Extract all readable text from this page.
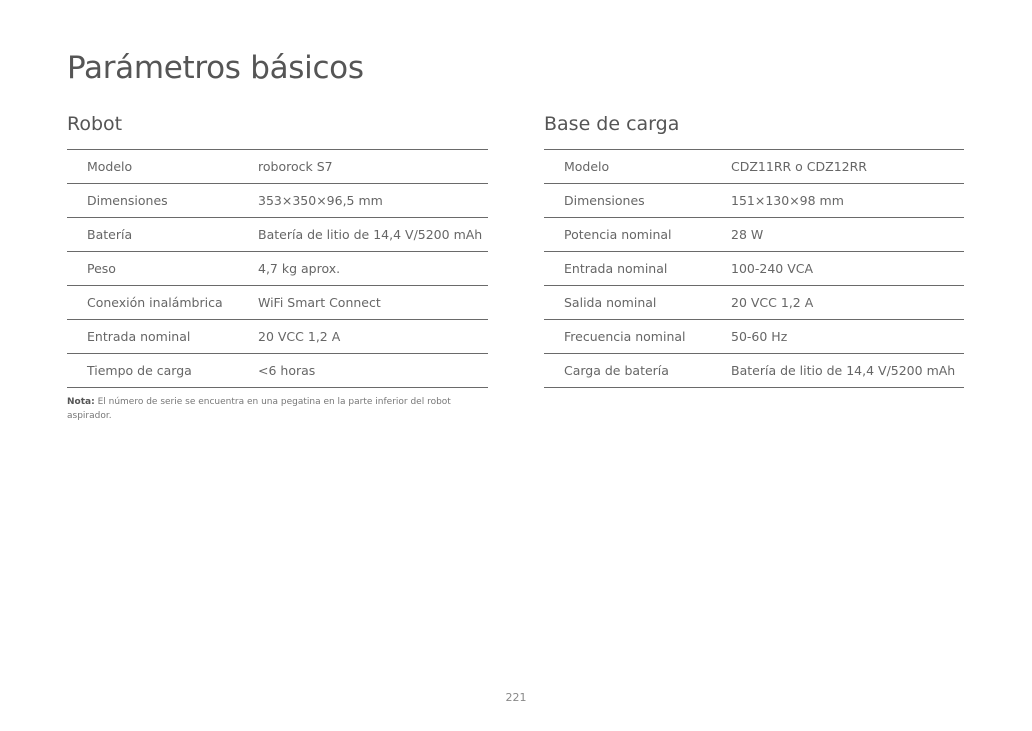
Parámetros básicos
Robot
Modelo	roborock S7
Dimensiones	353×350×96,5 mm
Batería	Batería de litio de 14,4 V/5200 mAh
Peso	4,7 kg aprox.
Conexión inalámbrica	WiFi Smart Connect
Entrada nominal	20 VCC 1,2 A
Tiempo de carga	<6 horas
Base de carga
Modelo	CDZ11RR o CDZ12RR
Dimensiones	151×130×98 mm
Potencia nominal	28 W
Entrada nominal	100-240 VCA
Salida nominal	20 VCC 1,2 A
Frecuencia nominal	50-60 Hz
Carga de batería	Batería de litio de 14,4 V/5200 mAh

Nota: El número de serie se encuentra en una pegatina en la parte inferior del robot aspirador.

221
